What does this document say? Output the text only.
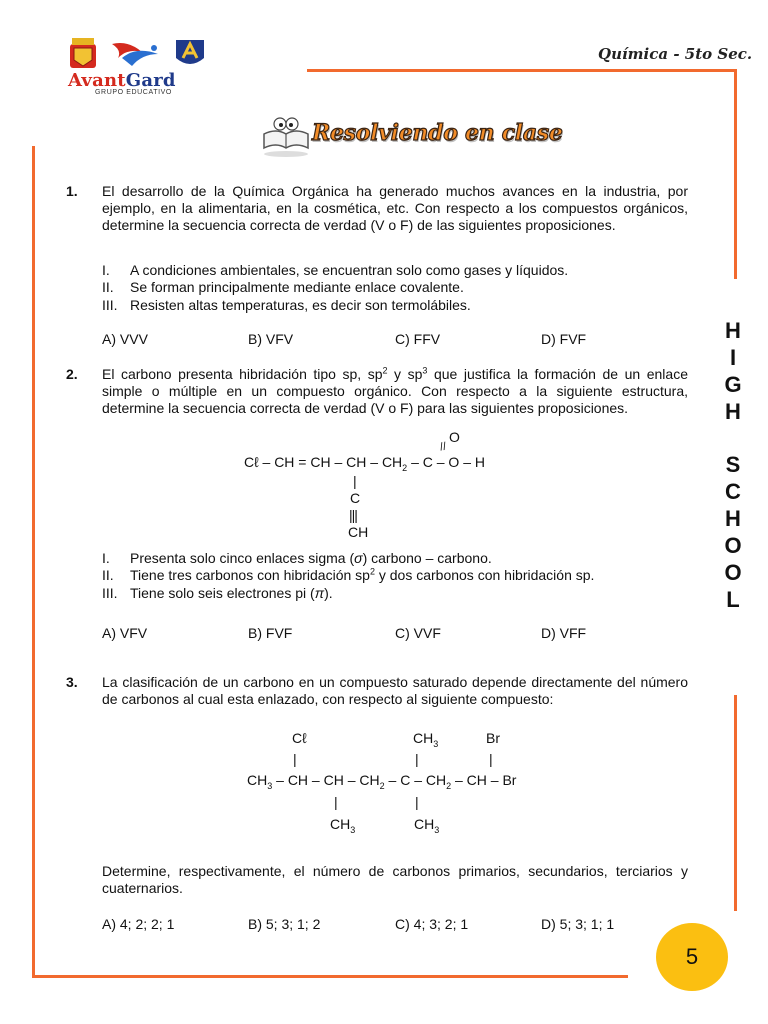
AvantGard
GRUPO EDUCATIVO
Química - 5to Sec.
Resolviendo en clase
H
I
G
H
S
C
H
O
O
L
1. El desarrollo de la Química Orgánica ha generado muchos avances en la industria, por ejemplo, en la alimentaria, en la cosmética, etc. Con respecto a los compuestos orgánicos, determine la secuencia correcta de verdad (V o F) de las siguientes proposiciones.
I. A condiciones ambientales, se encuentran solo como gases y líquidos.
II. Se forman principalmente mediante enlace covalente.
III. Resisten altas temperaturas, es decir son termolábiles.
A) VVV	B) VFV	C) FFV	D) FVF
2. El carbono presenta hibridación tipo sp, $sp^2$ y $sp^3$ que justifica la formación de un enlace simple o múltiple en un compuesto orgánico. Con respecto a la siguiente estructura, determine la secuencia correcta de verdad (V o F) para las siguientes proposiciones.
Cℓ – CH = CH – CH – $CH_2$ – C – O – H
O
//
|
C
|||
CH
I. Presenta solo cinco enlaces sigma (σ) carbono – carbono.
II. Tiene tres carbonos con hibridación $sp^2$ y dos carbonos con hibridación sp.
III. Tiene solo seis electrones pi (π).
A) VFV	B) FVF	C) VVF	D) VFF
3. La clasificación de un carbono en un compuesto saturado depende directamente del número de carbonos al cual esta enlazado, con respecto al siguiente compuesto:
Cℓ	$CH_3$	Br
|	|	|
$CH_3$ – CH – CH – $CH_2$ – C – $CH_2$ – CH – Br
|	|
$CH_3$	$CH_3$
Determine, respectivamente, el número de carbonos primarios, secundarios, terciarios y cuaternarios.
A) 4; 2; 2; 1	B) 5; 3; 1; 2	C) 4; 3; 2; 1	D) 5; 3; 1; 1
5
